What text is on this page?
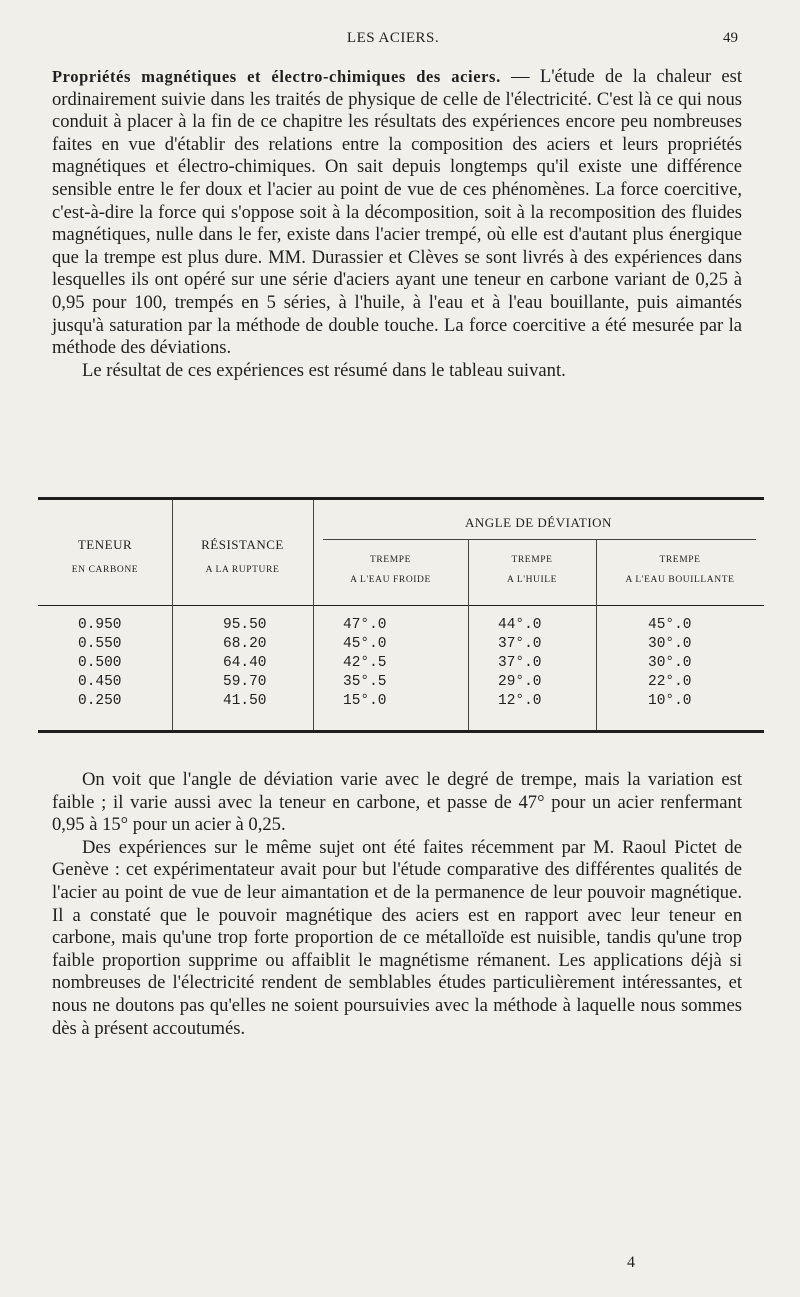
LES ACIERS.	49

Propriétés magnétiques et électro-chimiques des aciers. — L'étude de la chaleur est ordinairement suivie dans les traités de physique de celle de l'électricité. C'est là ce qui nous conduit à placer à la fin de ce chapitre les résultats des expériences encore peu nombreuses faites en vue d'établir des relations entre la composition des aciers et leurs propriétés magnétiques et électro-chimiques. On sait depuis longtemps qu'il existe une différence sensible entre le fer doux et l'acier au point de vue de ces phénomènes. La force coercitive, c'est-à-dire la force qui s'oppose soit à la décomposition, soit à la recomposition des fluides magnétiques, nulle dans le fer, existe dans l'acier trempé, où elle est d'autant plus énergique que la trempe est plus dure. MM. Durassier et Clèves se sont livrés à des expériences dans lesquelles ils ont opéré sur une série d'aciers ayant une teneur en carbone variant de 0,25 à 0,95 pour 100, trempés en 5 séries, à l'huile, à l'eau et à l'eau bouillante, puis aimantés jusqu'à saturation par la méthode de double touche. La force coercitive a été mesurée par la méthode des déviations.

Le résultat de ces expériences est résumé dans le tableau suivant.

TENEUR
EN CARBONE
RÉSISTANCE
A LA RUPTURE
ANGLE DE DÉVIATION
TREMPE
A L'EAU FROIDE
TREMPE
A L'HUILE
TREMPE
A L'EAU BOUILLANTE
0.950	95.50	47°.0	44°.0	45°.0
0.550	68.20	45°.0	37°.0	30°.0
0.500	64.40	42°.5	37°.0	30°.0
0.450	59.70	35°.5	29°.0	22°.0
0.250	41.50	15°.0	12°.0	10°.0

On voit que l'angle de déviation varie avec le degré de trempe, mais la variation est faible ; il varie aussi avec la teneur en carbone, et passe de 47° pour un acier renfermant 0,95 à 15° pour un acier à 0,25.

Des expériences sur le même sujet ont été faites récemment par M. Raoul Pictet de Genève : cet expérimentateur avait pour but l'étude comparative des différentes qualités de l'acier au point de vue de leur aimantation et de la permanence de leur pouvoir magnétique. Il a constaté que le pouvoir magnétique des aciers est en rapport avec leur teneur en carbone, mais qu'une trop forte proportion de ce métalloïde est nuisible, tandis qu'une trop faible proportion supprime ou affaiblit le magnétisme rémanent. Les applications déjà si nombreuses de l'électricité rendent de semblables études particulièrement intéressantes, et nous ne doutons pas qu'elles ne soient poursuivies avec la méthode à laquelle nous sommes dès à présent accoutumés.

4
